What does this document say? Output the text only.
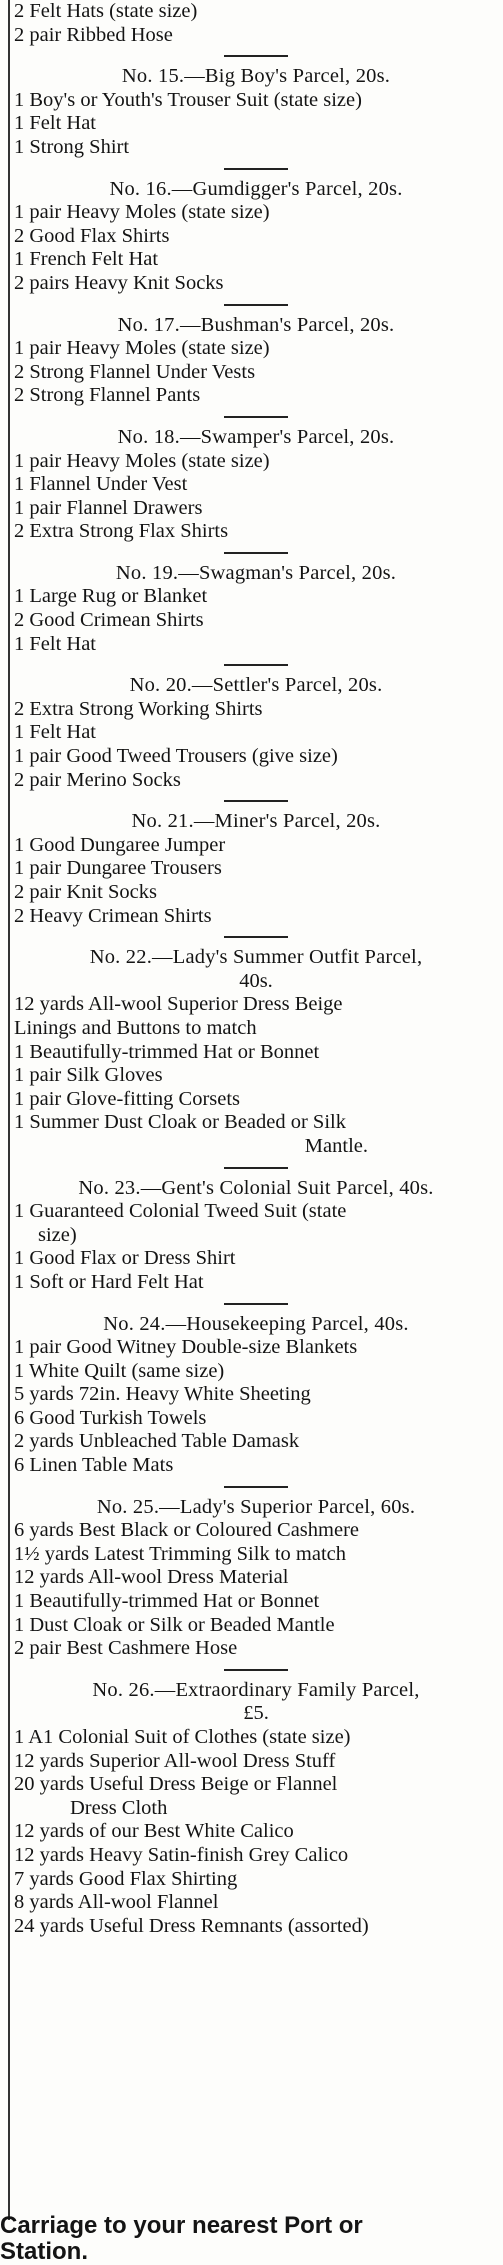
2 Felt Hats (state size)
2 pair Ribbed Hose
No. 15.—Big Boy's Parcel, 20s.
1 Boy's or Youth's Trouser Suit (state size)
1 Felt Hat
1 Strong Shirt
No. 16.—Gumdigger's Parcel, 20s.
1 pair Heavy Moles (state size)
2 Good Flax Shirts
1 French Felt Hat
2 pairs Heavy Knit Socks
No. 17.—Bushman's Parcel, 20s.
1 pair Heavy Moles (state size)
2 Strong Flannel Under Vests
2 Strong Flannel Pants
No. 18.—Swamper's Parcel, 20s.
1 pair Heavy Moles (state size)
1 Flannel Under Vest
1 pair Flannel Drawers
2 Extra Strong Flax Shirts
No. 19.—Swagman's Parcel, 20s.
1 Large Rug or Blanket
2 Good Crimean Shirts
1 Felt Hat
No. 20.—Settler's Parcel, 20s.
2 Extra Strong Working Shirts
1 Felt Hat
1 pair Good Tweed Trousers (give size)
2 pair Merino Socks
No. 21.—Miner's Parcel, 20s.
1 Good Dungaree Jumper
1 pair Dungaree Trousers
2 pair Knit Socks
2 Heavy Crimean Shirts
No. 22.—Lady's Summer Outfit Parcel,
40s.
12 yards All-wool Superior Dress Beige
Linings and Buttons to match
1 Beautifully-trimmed Hat or Bonnet
1 pair Silk Gloves
1 pair Glove-fitting Corsets
1 Summer Dust Cloak or Beaded or Silk
Mantle.
No. 23.—Gent's Colonial Suit Parcel, 40s.
1 Guaranteed Colonial Tweed Suit (state
size)
1 Good Flax or Dress Shirt
1 Soft or Hard Felt Hat
No. 24.—Housekeeping Parcel, 40s.
1 pair Good Witney Double-size Blankets
1 White Quilt (same size)
5 yards 72in. Heavy White Sheeting
6 Good Turkish Towels
2 yards Unbleached Table Damask
6 Linen Table Mats
No. 25.—Lady's Superior Parcel, 60s.
6 yards Best Black or Coloured Cashmere
1½ yards Latest Trimming Silk to match
12 yards All-wool Dress Material
1 Beautifully-trimmed Hat or Bonnet
1 Dust Cloak or Silk or Beaded Mantle
2 pair Best Cashmere Hose
No. 26.—Extraordinary Family Parcel,
£5.
1 A1 Colonial Suit of Clothes (state size)
12 yards Superior All-wool Dress Stuff
20 yards Useful Dress Beige or Flannel
Dress Cloth
12 yards of our Best White Calico
12 yards Heavy Satin-finish Grey Calico
7 yards Good Flax Shirting
8 yards All-wool Flannel
24 yards Useful Dress Remnants (assorted)
Carriage to your nearest Port or
Station.
